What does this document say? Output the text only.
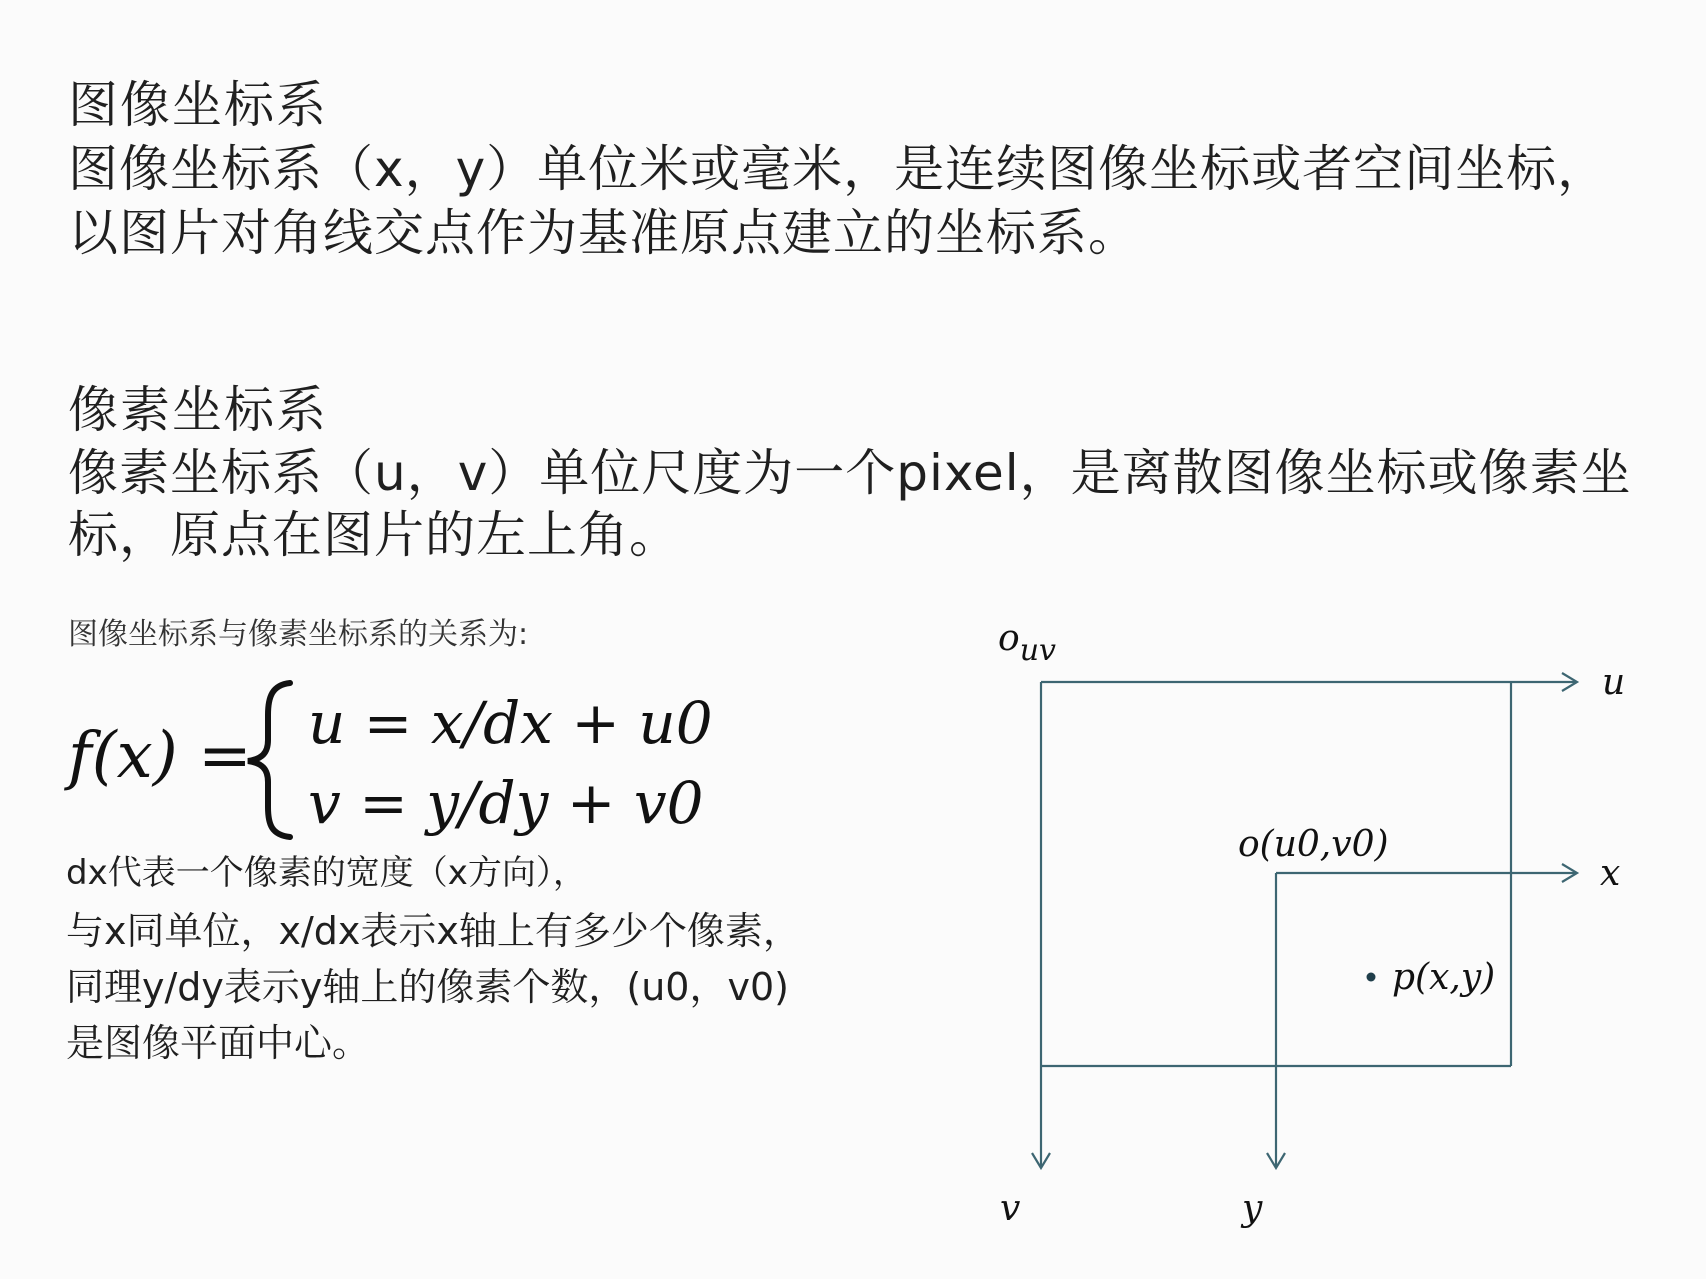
图像坐标系
图像坐标系（x，y）单位米或毫米，是连续图像坐标或者空间坐标，
以图片对角线交点作为基准原点建立的坐标系。
像素坐标系
像素坐标系（u，v）单位尺度为一个pixel，是离散图像坐标或像素坐
标，原点在图片的左上角。
图像坐标系与像素坐标系的关系为:
f(x) = u = x/dx + u0
v = y/dy + v0
dx代表一个像素的宽度（x方向），
与x同单位，x/dx表示x轴上有多少个像素，
同理y/dy表示y轴上的像素个数，(u0，v0)
是图像平面中心。
$o_{uv}$
u
v
o(u0,v0)
x
y
p(x,y)
